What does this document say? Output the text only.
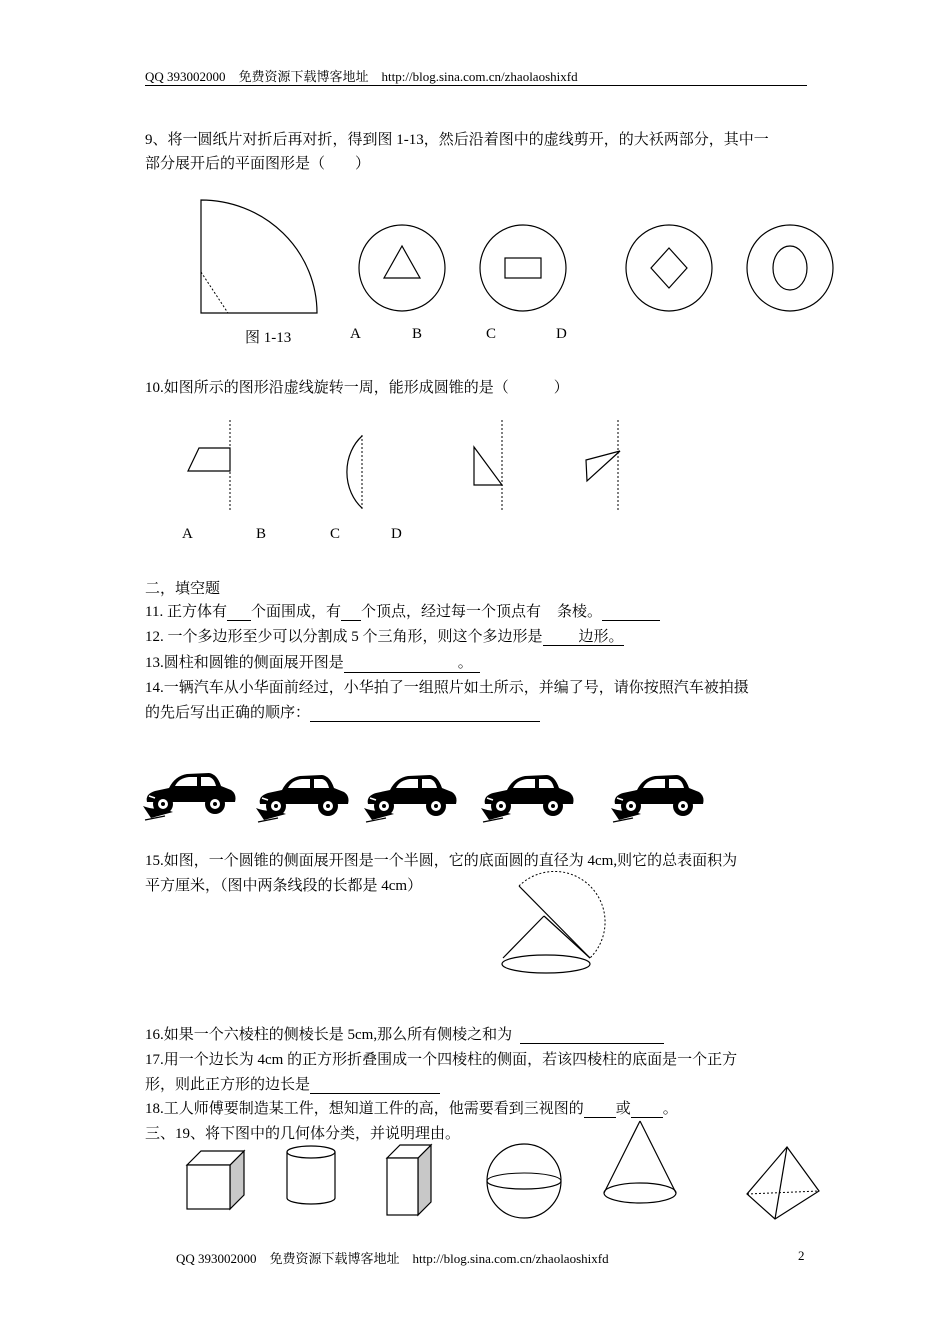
QQ 393002000　免费资源下载博客地址　http://blog.sina.com.cn/zhaolaoshixfd
9、将一圆纸片对折后再对折，得到图 1-13，然后沿着图中的虚线剪开，的大袄两部分，其中一
部分展开后的平面图形是（　　）
图 1-13	A	B	C	D
10.如图所示的图形沿虚线旋转一周，能形成圆锥的是（　　　）
A	B	C	D
二，填空题
11. 正方体有 个面围成，有 个顶点，经过每一个顶点有 条棱。
12. 一个多边形至少可以分割成 5 个三角形，则这个多边形是 边形。
13.圆柱和圆锥的侧面展开图是	。
14.一辆汽车从小华面前经过，小华拍了一组照片如土所示，并编了号，请你按照汽车被拍摄
的先后写出正确的顺序：
15.如图，一个圆锥的侧面展开图是一个半圆，它的底面圆的直径为 4cm,则它的总表面积为
平方厘米，（图中两条线段的长都是 4cm）
16.如果一个六棱柱的侧棱长是 5cm,那么所有侧棱之和为
17.用一个边长为 4cm 的正方形折叠围成一个四棱柱的侧面，若该四棱柱的底面是一个正方
形，则此正方形的边长是
18.工人师傅要制造某工件，想知道工件的高，他需要看到三视图的 或 。
三、19、将下图中的几何体分类，并说明理由。
QQ 393002000　免费资源下载博客地址　http://blog.sina.com.cn/zhaolaoshixfd	2
